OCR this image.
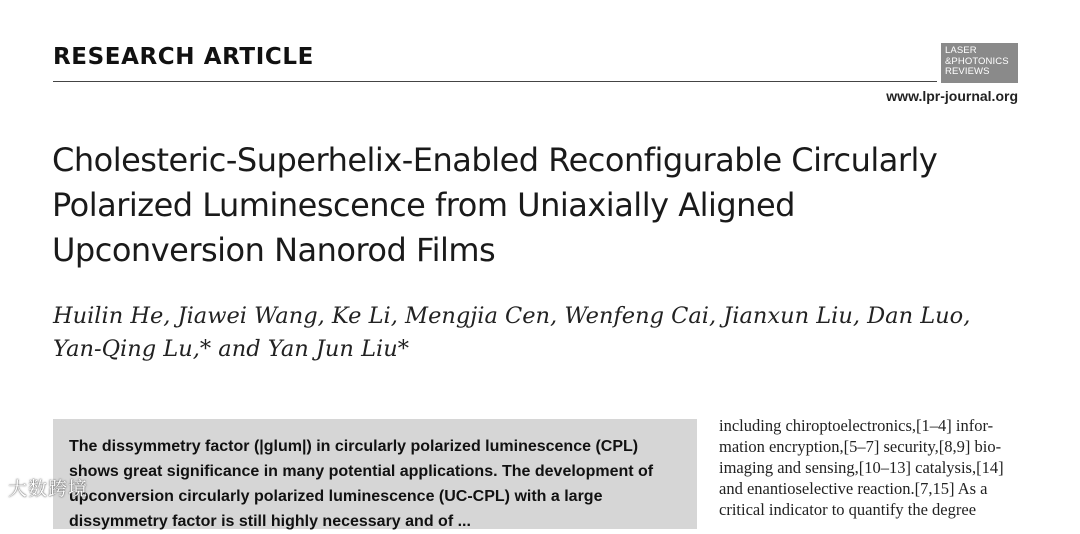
RESEARCH ARTICLE	LASER
&PHOTONICS
REVIEWS
www.lpr-journal.org
Cholesteric-Superhelix-Enabled Reconfigurable Circularly
Polarized Luminescence from Uniaxially Aligned
Upconversion Nanorod Films
Huilin He, Jiawei Wang, Ke Li, Mengjia Cen, Wenfeng Cai, Jianxun Liu, Dan Luo,
Yan-Qing Lu,* and Yan Jun Liu*
The dissymmetry factor (|glum|) in circularly polarized luminescence (CPL)
shows great significance in many potential applications. The development of
upconversion circularly polarized luminescence (UC-CPL) with a large
dissymmetry factor is still highly necessary and of ...
including chiroptoelectronics,[1–4] infor-
mation encryption,[5–7] security,[8,9] bio-
imaging and sensing,[10–13] catalysis,[14]
and enantioselective reaction.[7,15] As a
critical indicator to quantify the degree
大数跨境
